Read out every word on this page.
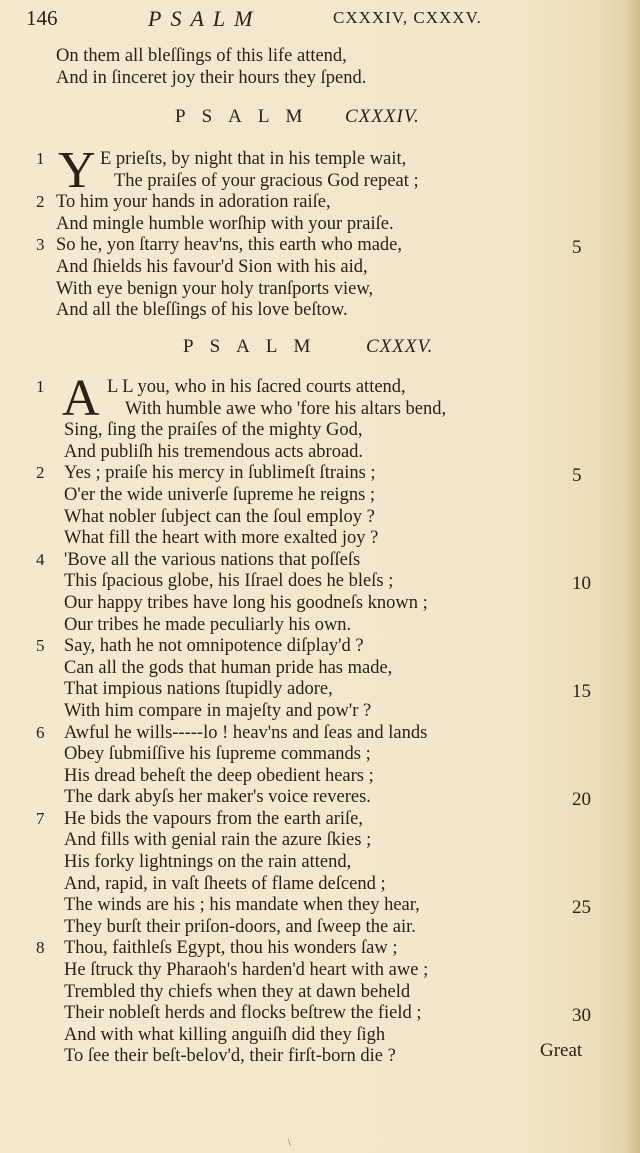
146	PSALM	CXXXIV, CXXXV.
On them all bleſſings of this life attend,
And in ſinceret joy their hours they ſpend.
PSALM CXXXIV.
Y
1	E prieſts, by night that in his temple wait,
The praiſes of your gracious God repeat ;
2 To him your hands in adoration raiſe,
And mingle humble worſhip with your praiſe.
3 So he, yon ſtarry heav'ns, this earth who made,	5
And ſhields his favour'd Sion with his aid,
With eye benign your holy tranſports view,
And all the bleſſings of his love beſtow.
PSALM CXXXV.
A
1	L L you, who in his ſacred courts attend,
With humble awe who 'fore his altars bend,
Sing, ſing the praiſes of the mighty God,
And publiſh his tremendous acts abroad.
2	Yes ; praiſe his mercy in ſublimeſt ſtrains ;	5
O'er the wide univerſe ſupreme he reigns ;
What nobler ſubject can the ſoul employ ?
What fill the heart with more exalted joy ?
4	'Bove all the various nations that poſſeſs
This ſpacious globe, his Iſrael does he bleſs ;	10
Our happy tribes have long his goodneſs known ;
Our tribes he made peculiarly his own.
5	Say, hath he not omnipotence diſplay'd ?
Can all the gods that human pride has made,
That impious nations ſtupidly adore,	15
With him compare in majeſty and pow'r ?
6	Awful he wills-----lo ! heav'ns and ſeas and lands
Obey ſubmiſſive his ſupreme commands ;
His dread beheſt the deep obedient hears ;
The dark abyſs her maker's voice reveres.	20
7	He bids the vapours from the earth ariſe,
And fills with genial rain the azure ſkies ;
His forky lightnings on the rain attend,
And, rapid, in vaſt ſheets of flame deſcend ;
The winds are his ; his mandate when they hear,	25
They burſt their priſon-doors, and ſweep the air.
8	Thou, faithleſs Egypt, thou his wonders ſaw ;
He ſtruck thy Pharaoh's harden'd heart with awe ;
Trembled thy chiefs when they at dawn beheld
Their nobleſt herds and flocks beſtrew the field ;	30
And with what killing anguiſh did they ſigh
To ſee their beſt-belov'd, their firſt-born die ?	Great
\
